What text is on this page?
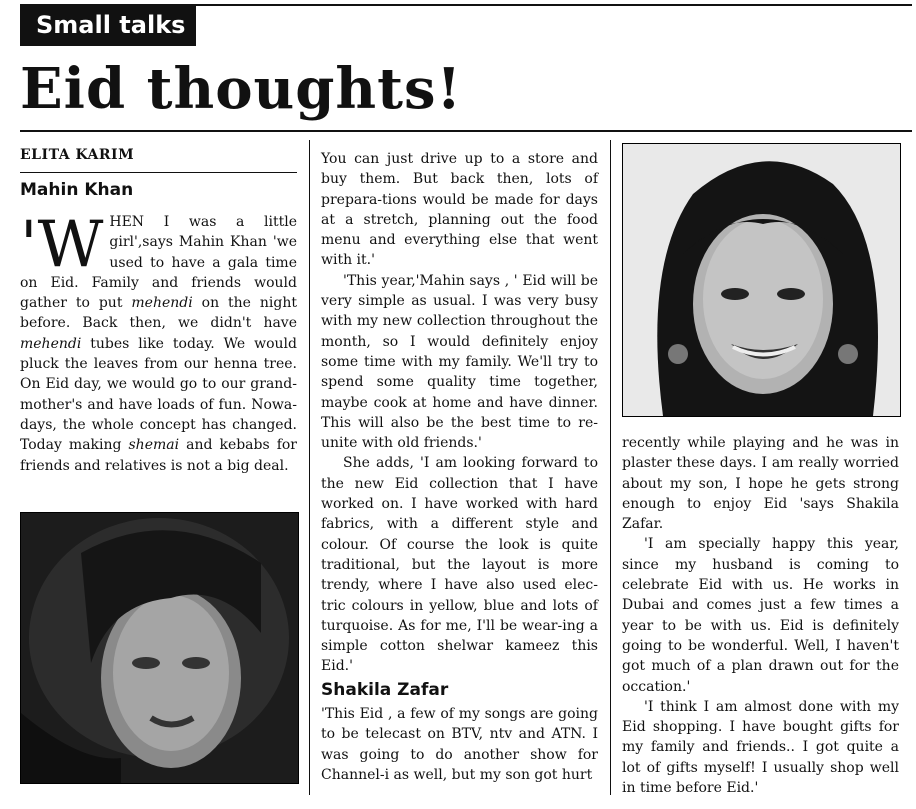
Small talks
Eid thoughts!
ELITA KARIM
Mahin Khan

'W HEN I was a little girl',says Mahin Khan 'we used to have a gala time on Eid. Family and friends would gather to put mehendi on the night before. Back then, we didn't have mehendi tubes like today. We would pluck the leaves from our henna tree. On Eid day, we would go to our grand-mother's and have loads of fun. Nowa-days, the whole concept has changed. Today making shemai and kebabs for friends and relatives is not a big deal.

You can just drive up to a store and buy them. But back then, lots of prepara-tions would be made for days at a stretch, planning out the food menu and everything else that went with it.'

'This year,'Mahin says , ' Eid will be very simple as usual. I was very busy with my new collection throughout the month, so I would definitely enjoy some time with my family. We'll try to spend some quality time together, maybe cook at home and have dinner. This will also be the best time to re-unite with old friends.'

She adds, 'I am looking forward to the new Eid collection that I have worked on. I have worked with hard fabrics, with a different style and colour. Of course the look is quite traditional, but the layout is more trendy, where I have also used elec-tric colours in yellow, blue and lots of turquoise. As for me, I'll be wear-ing a simple cotton shelwar kameez this Eid.'

Shakila Zafar

'This Eid , a few of my songs are going to be telecast on BTV, ntv and ATN. I was going to do another show for Channel-i as well, but my son got hurt

recently while playing and he was in plaster these days. I am really worried about my son, I hope he gets strong enough to enjoy Eid 'says Shakila Zafar.

'I am specially happy this year, since my husband is coming to celebrate Eid with us. He works in Dubai and comes just a few times a year to be with us. Eid is definitely going to be wonderful. Well, I haven't got much of a plan drawn out for the occation.'

'I think I am almost done with my Eid shopping. I have bought gifts for my family and friends.. I got quite a lot of gifts myself! I usually shop well in time before Eid.'
